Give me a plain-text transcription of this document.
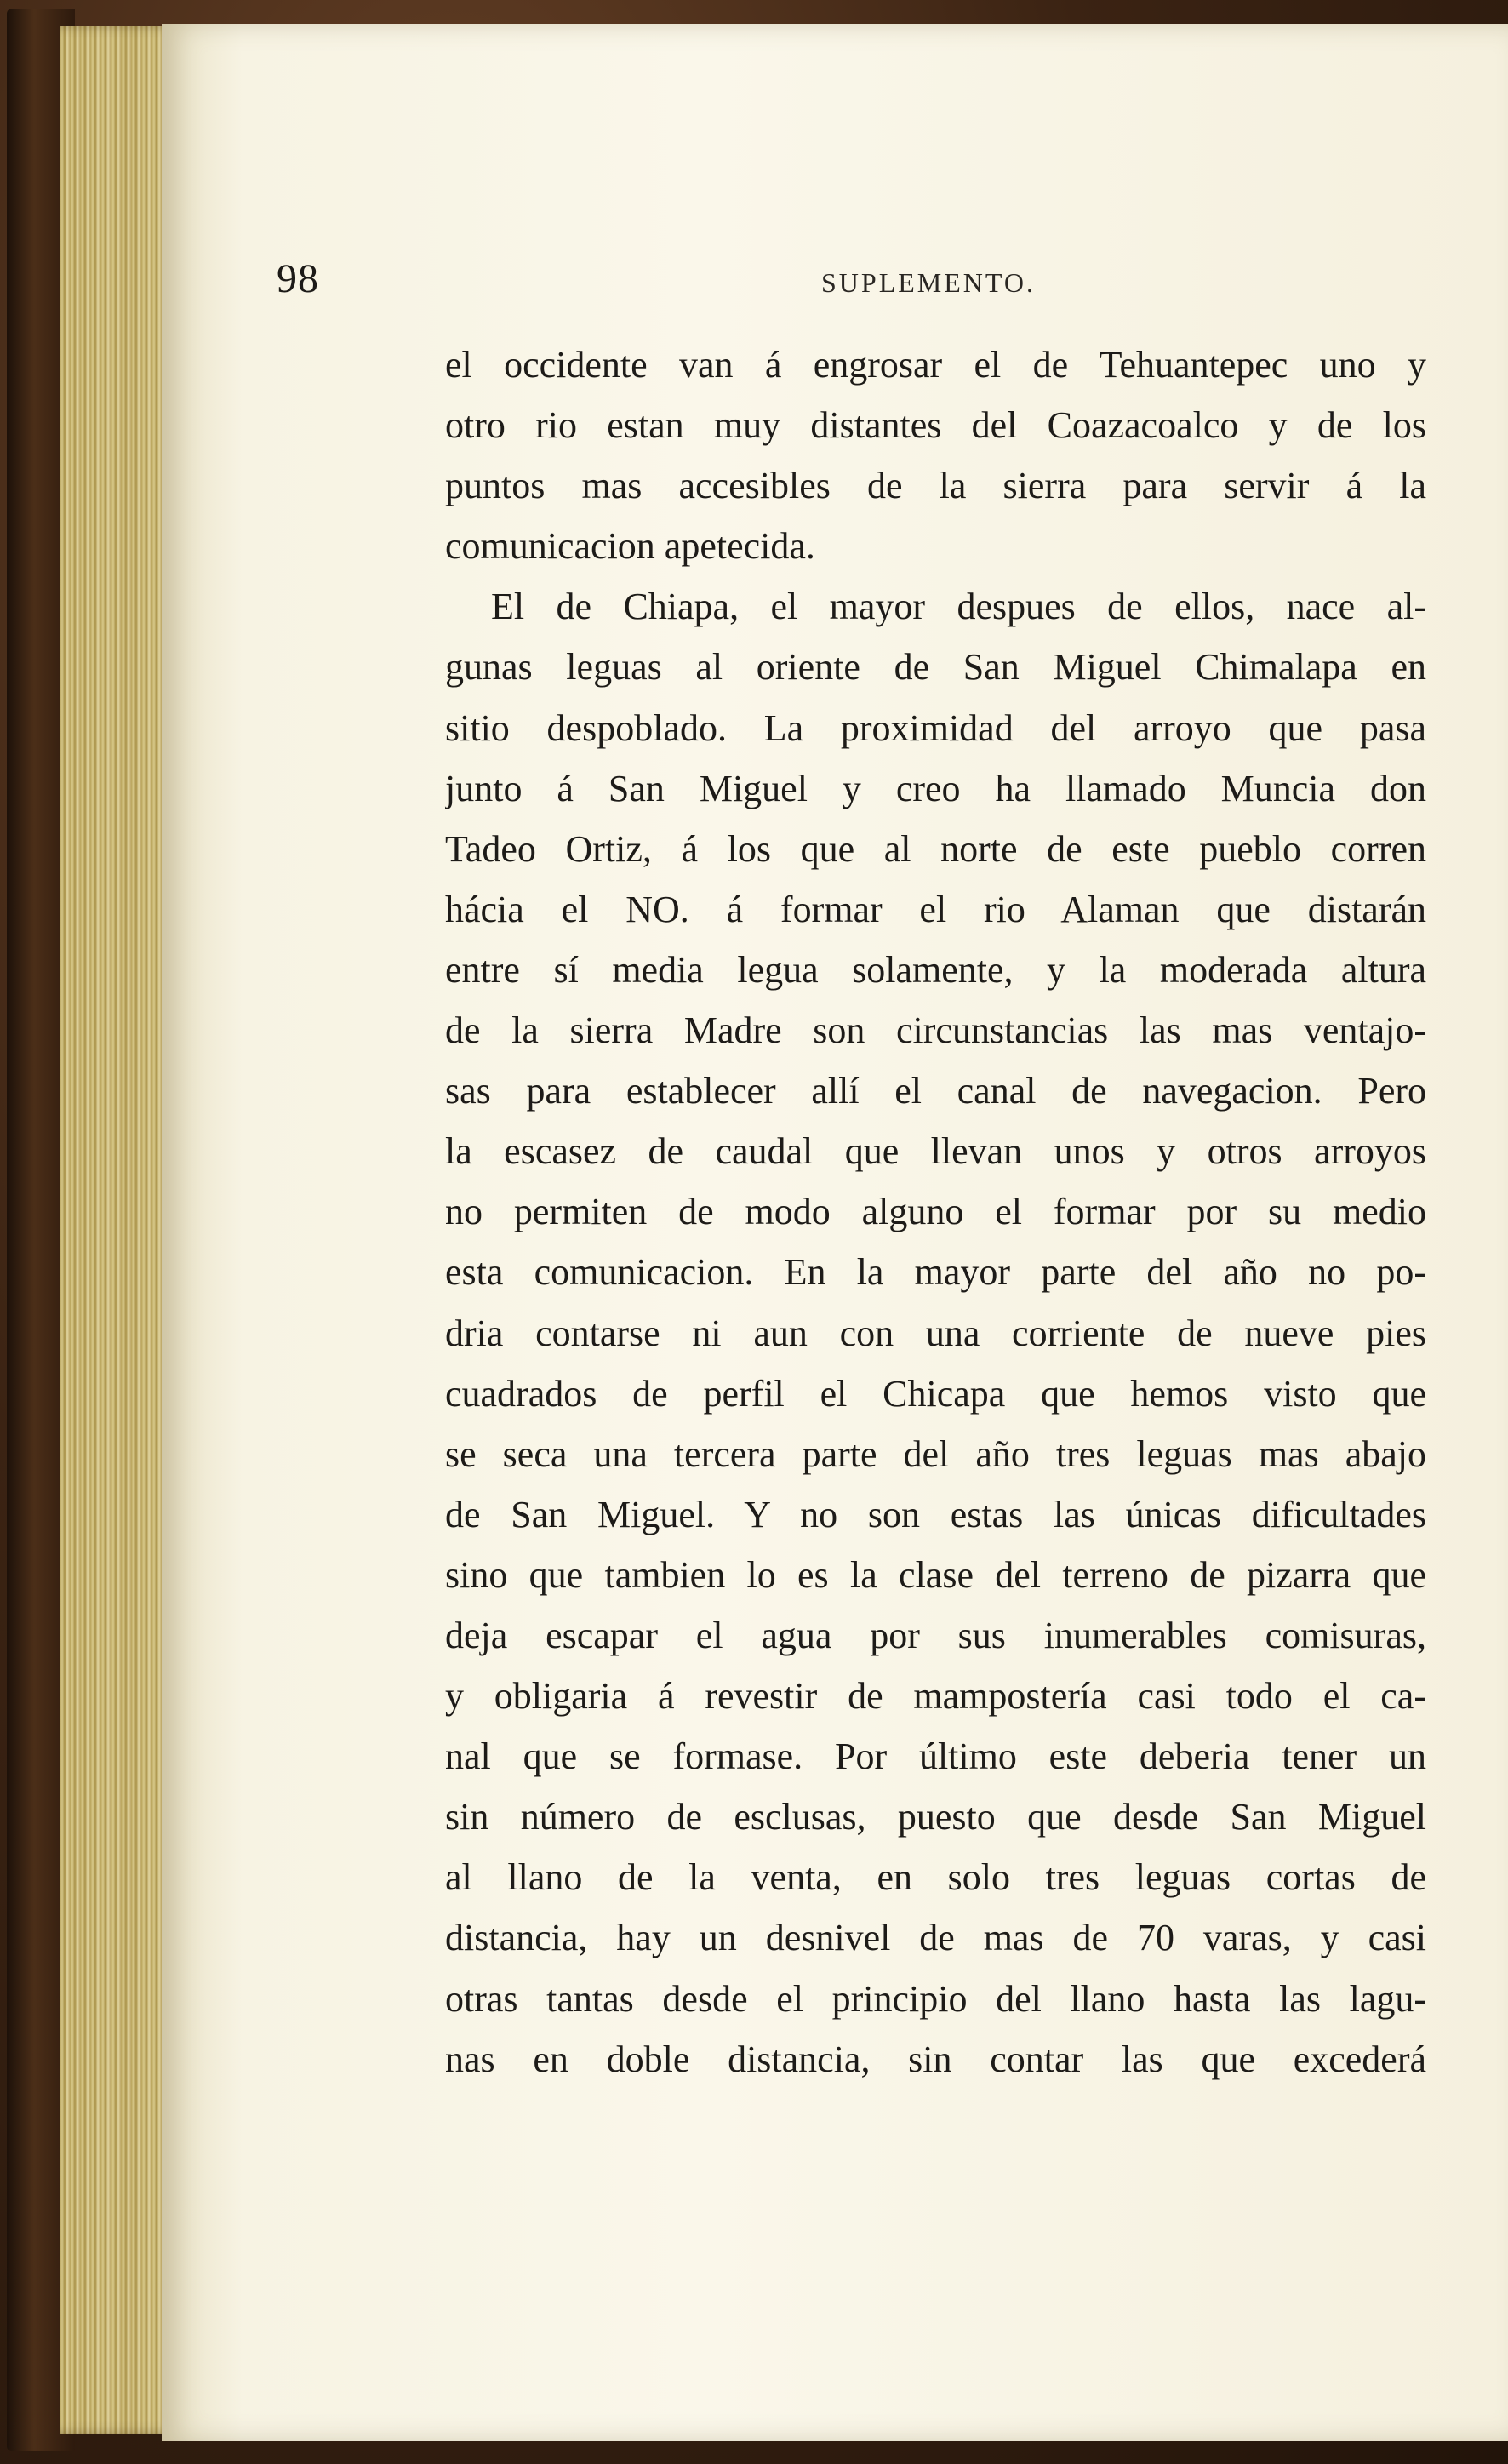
98	SUPLEMENTO.
el occidente van á engrosar el de Tehuantepec uno y
otro rio estan muy distantes del Coazacoalco y de los
puntos mas accesibles de la sierra para servir á la
comunicacion apetecida.
El de Chiapa, el mayor despues de ellos, nace al-
gunas leguas al oriente de San Miguel Chimalapa en
sitio despoblado. La proximidad del arroyo que pasa
junto á San Miguel y creo ha llamado Muncia don
Tadeo Ortiz, á los que al norte de este pueblo corren
hácia el NO. á formar el rio Alaman que distarán
entre sí media legua solamente, y la moderada altura
de la sierra Madre son circunstancias las mas ventajo-
sas para establecer allí el canal de navegacion. Pero
la escasez de caudal que llevan unos y otros arroyos
no permiten de modo alguno el formar por su medio
esta comunicacion. En la mayor parte del año no po-
dria contarse ni aun con una corriente de nueve pies
cuadrados de perfil el Chicapa que hemos visto que
se seca una tercera parte del año tres leguas mas abajo
de San Miguel. Y no son estas las únicas dificultades
sino que tambien lo es la clase del terreno de pizarra que
deja escapar el agua por sus inumerables comisuras,
y obligaria á revestir de mampostería casi todo el ca-
nal que se formase. Por último este deberia tener un
sin número de esclusas, puesto que desde San Miguel
al llano de la venta, en solo tres leguas cortas de
distancia, hay un desnivel de mas de 70 varas, y casi
otras tantas desde el principio del llano hasta las lagu-
nas en doble distancia, sin contar las que excederá
